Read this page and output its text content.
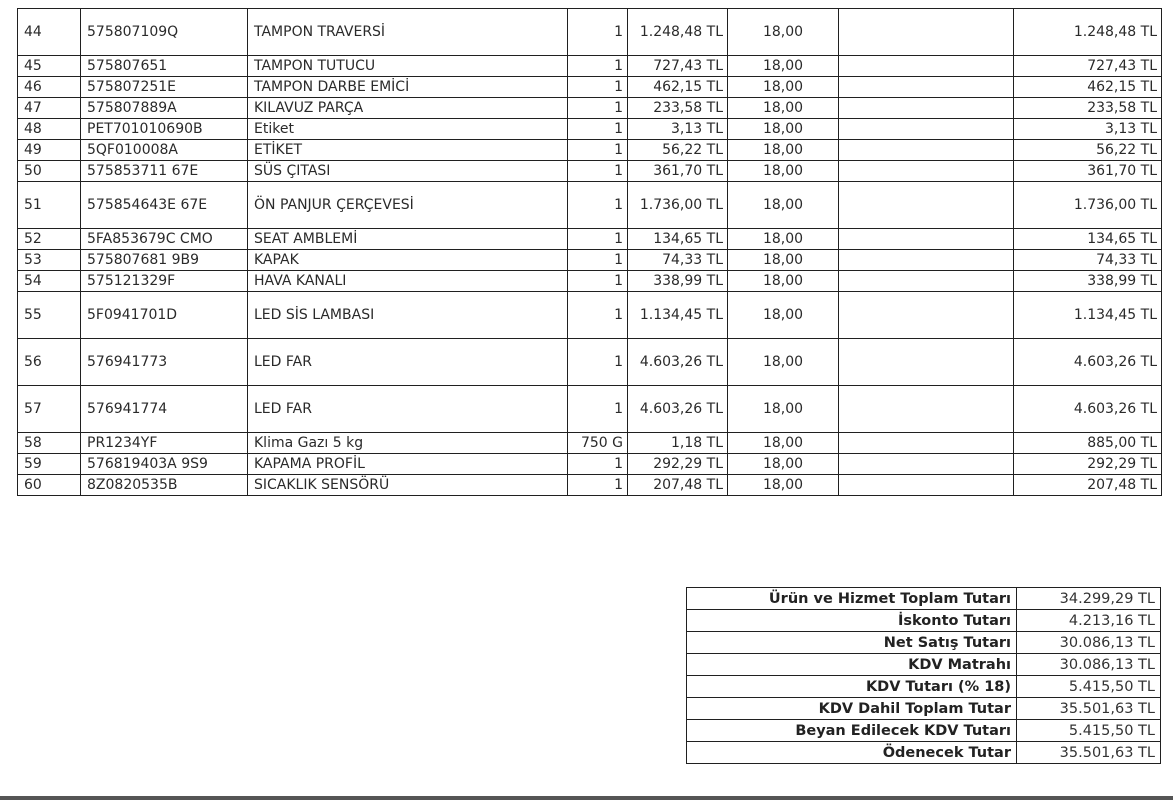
44	575807109Q	TAMPON TRAVERSİ	1	1.248,48 TL	18,00		1.248,48 TL
45	575807651	TAMPON TUTUCU	1	727,43 TL	18,00		727,43 TL
46	575807251E	TAMPON DARBE EMİCİ	1	462,15 TL	18,00		462,15 TL
47	575807889A	KILAVUZ PARÇA	1	233,58 TL	18,00		233,58 TL
48	PET701010690B	Etiket	1	3,13 TL	18,00		3,13 TL
49	5QF010008A	ETİKET	1	56,22 TL	18,00		56,22 TL
50	575853711 67E	SÜS ÇITASI	1	361,70 TL	18,00		361,70 TL
51	575854643E 67E	ÖN PANJUR ÇERÇEVESİ	1	1.736,00 TL	18,00		1.736,00 TL
52	5FA853679C CMO	SEAT AMBLEMİ	1	134,65 TL	18,00		134,65 TL
53	575807681 9B9	KAPAK	1	74,33 TL	18,00		74,33 TL
54	575121329F	HAVA KANALI	1	338,99 TL	18,00		338,99 TL
55	5F0941701D	LED SİS LAMBASI	1	1.134,45 TL	18,00		1.134,45 TL
56	576941773	LED FAR	1	4.603,26 TL	18,00		4.603,26 TL
57	576941774	LED FAR	1	4.603,26 TL	18,00		4.603,26 TL
58	PR1234YF	Klima Gazı 5 kg	750 G	1,18 TL	18,00		885,00 TL
59	576819403A 9S9	KAPAMA PROFİL	1	292,29 TL	18,00		292,29 TL
60	8Z0820535B	SICAKLIK SENSÖRÜ	1	207,48 TL	18,00		207,48 TL
Ürün ve Hizmet Toplam Tutarı	34.299,29 TL
İskonto Tutarı	4.213,16 TL
Net Satış Tutarı	30.086,13 TL
KDV Matrahı	30.086,13 TL
KDV Tutarı (% 18)	5.415,50 TL
KDV Dahil Toplam Tutar	35.501,63 TL
Beyan Edilecek KDV Tutarı	5.415,50 TL
Ödenecek Tutar	35.501,63 TL
